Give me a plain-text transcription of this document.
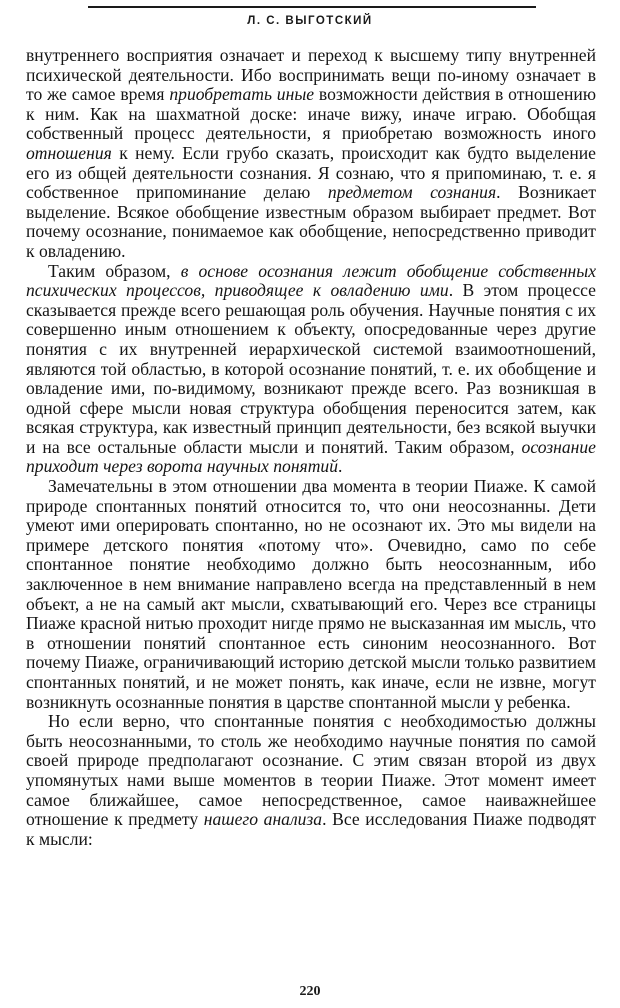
Л. С. ВЫГОТСКИЙ

внутреннего восприятия означает и переход к высшему типу внутренней психической деятельности. Ибо воспринимать вещи по-иному означает в то же самое время приобретать иные возможности действия в отношению к ним. Как на шахматной доске: иначе вижу, иначе играю. Обобщая собственный процесс деятельности, я приобретаю возможность иного отношения к нему. Если грубо сказать, происходит как будто выделение его из общей деятельности сознания. Я сознаю, что я припоминаю, т. е. я собственное припоминание делаю предметом сознания. Возникает выделение. Всякое обобщение известным образом выбирает предмет. Вот почему осознание, понимаемое как обобщение, непосредственно приводит к овладению.

Таким образом, в основе осознания лежит обобщение собственных психических процессов, приводящее к овладению ими. В этом процессе сказывается прежде всего решающая роль обучения. Научные понятия с их совершенно иным отношением к объекту, опосредованные через другие понятия с их внутренней иерархической системой взаимоотношений, являются той областью, в которой осознание понятий, т. е. их обобщение и овладение ими, по-видимому, возникают прежде всего. Раз возникшая в одной сфере мысли новая структура обобщения переносится затем, как всякая структура, как известный принцип деятельности, без всякой выучки и на все остальные области мысли и понятий. Таким образом, осознание приходит через ворота научных понятий.

Замечательны в этом отношении два момента в теории Пиаже. К самой природе спонтанных понятий относится то, что они неосознанны. Дети умеют ими оперировать спонтанно, но не осознают их. Это мы видели на примере детского понятия «потому что». Очевидно, само по себе спонтанное понятие необходимо должно быть неосознанным, ибо заключенное в нем внимание направлено всегда на представленный в нем объект, а не на самый акт мысли, схватывающий его. Через все страницы Пиаже красной нитью проходит нигде прямо не высказанная им мысль, что в отношении понятий спонтанное есть синоним неосознанного. Вот почему Пиаже, ограничивающий историю детской мысли только развитием спонтанных понятий, и не может понять, как иначе, если не извне, могут возникнуть осознанные понятия в царстве спонтанной мысли у ребенка.

Но если верно, что спонтанные понятия с необходимостью должны быть неосознанными, то столь же необходимо научные понятия по самой своей природе предполагают осознание. С этим связан второй из двух упомянутых нами выше моментов в теории Пиаже. Этот момент имеет самое ближайшее, самое непосредственное, самое наиважнейшее отношение к предмету нашего анализа. Все исследования Пиаже подводят к мысли:

220
